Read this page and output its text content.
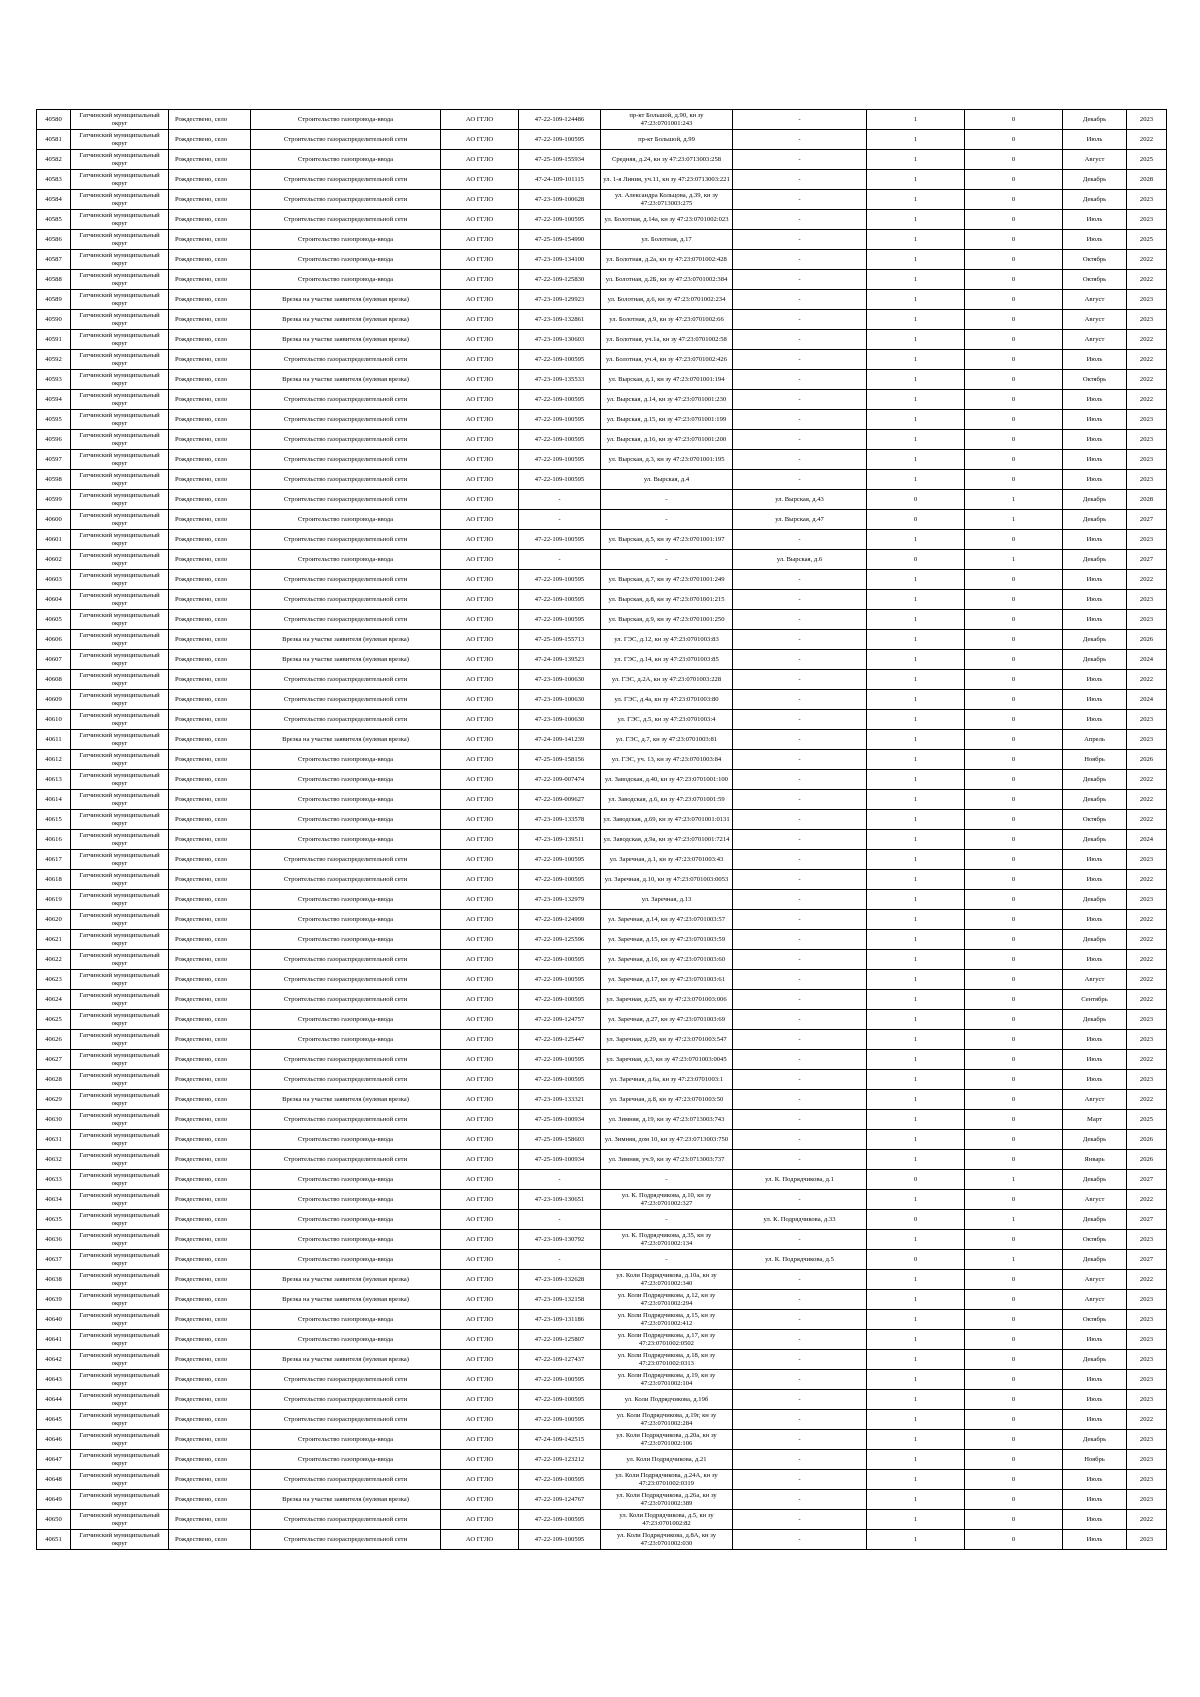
40580	Гатчинский муниципальный округ	Рождествено, село	Строительство газопровода-ввода	АО ГГЛО	47-22-109-124486	пр-кт Большой, д.90, кн зу 47:23:0701001:243	-	1	0	Декабрь	2023
40581	Гатчинский муниципальный округ	Рождествено, село	Строительство газораспределительной сети	АО ГГЛО	47-22-109-100595	пр-кт Большой, д.99	-	1	0	Июль	2022
40582	Гатчинский муниципальный округ	Рождествено, село	Строительство газопровода-ввода	АО ГГЛО	47-25-109-155934	Средняя, д.24, кн зу 47:23:0713003:258	-	1	0	Август	2025
40583	Гатчинский муниципальный округ	Рождествено, село	Строительство газораспределительной сети	АО ГГЛО	47-24-109-101115	ул. 1-я Линия, уч.11, кн зу 47:23:0713003:221	-	1	0	Декабрь	2028
40584	Гатчинский муниципальный округ	Рождествено, село	Строительство газораспределительной сети	АО ГГЛО	47-23-109-100628	ул. Александра Кольцова, д.39, кн зу 47:23:0713003:275	-	1	0	Декабрь	2023
40585	Гатчинский муниципальный округ	Рождествено, село	Строительство газораспределительной сети	АО ГГЛО	47-22-109-100595	ул. Болотная, д.14а, кн зу 47:23:0701002:023	-	1	0	Июль	2023
40586	Гатчинский муниципальный округ	Рождествено, село	Строительство газопровода-ввода	АО ГГЛО	47-25-109-154990	ул. Болотная, д.17	-	1	0	Июль	2025
40587	Гатчинский муниципальный округ	Рождествено, село	Строительство газопровода-ввода	АО ГГЛО	47-23-109-134100	ул. Болотная, д.2а, кн зу 47:23:0701002:428	-	1	0	Октябрь	2022
40588	Гатчинский муниципальный округ	Рождествено, село	Строительство газопровода-ввода	АО ГГЛО	47-22-109-125830	ул. Болотная, д.2Б, кн зу 47:23:0701002:384	-	1	0	Октябрь	2022
40589	Гатчинский муниципальный округ	Рождествено, село	Врезка на участке заявителя (нулевая врезка)	АО ГГЛО	47-23-109-129923	ул. Болотная, д.6, кн зу 47:23:0701002:234	-	1	0	Август	2023
40590	Гатчинский муниципальный округ	Рождествено, село	Врезка на участке заявителя (нулевая врезка)	АО ГГЛО	47-23-109-132861	ул. Болотная, д.9, кн зу 47:23:0701002:66	-	1	0	Август	2023
40591	Гатчинский муниципальный округ	Рождествено, село	Врезка на участке заявителя (нулевая врезка)	АО ГГЛО	47-23-109-130603	ул. Болотная, уч.1а, кн зу 47:23:0701002:58	-	1	0	Август	2022
40592	Гатчинский муниципальный округ	Рождествено, село	Строительство газораспределительной сети	АО ГГЛО	47-22-109-100595	ул. Болотная, уч.4, кн зу 47:23:0701002:426	-	1	0	Июль	2022
40593	Гатчинский муниципальный округ	Рождествено, село	Врезка на участке заявителя (нулевая врезка)	АО ГГЛО	47-23-109-135533	ул. Вырская, д.1, кн зу 47:23:0701001:194	-	1	0	Октябрь	2022
40594	Гатчинский муниципальный округ	Рождествено, село	Строительство газораспределительной сети	АО ГГЛО	47-22-109-100595	ул. Вырская, д.14, кн зу 47:23:0701001:230	-	1	0	Июль	2022
40595	Гатчинский муниципальный округ	Рождествено, село	Строительство газораспределительной сети	АО ГГЛО	47-22-109-100595	ул. Вырская, д.15, кн зу 47:23:0701001:199	-	1	0	Июль	2023
40596	Гатчинский муниципальный округ	Рождествено, село	Строительство газораспределительной сети	АО ГГЛО	47-22-109-100595	ул. Вырская, д.16, кн зу 47:23:0701001:200	-	1	0	Июль	2023
40597	Гатчинский муниципальный округ	Рождествено, село	Строительство газораспределительной сети	АО ГГЛО	47-22-109-100595	ул. Вырская, д.3, кн зу 47:23:0701001:195	-	1	0	Июль	2023
40598	Гатчинский муниципальный округ	Рождествено, село	Строительство газораспределительной сети	АО ГГЛО	47-22-109-100595	ул. Вырская, д.4	-	1	0	Июль	2023
40599	Гатчинский муниципальный округ	Рождествено, село	Строительство газораспределительной сети	АО ГГЛО	-	-	ул. Вырская, д.43	0	1	Декабрь	2028
40600	Гатчинский муниципальный округ	Рождествено, село	Строительство газопровода-ввода	АО ГГЛО	-	-	ул. Вырская, д.47	0	1	Декабрь	2027
40601	Гатчинский муниципальный округ	Рождествено, село	Строительство газораспределительной сети	АО ГГЛО	47-22-109-100595	ул. Вырская, д.5, кн зу 47:23:0701001:197	-	1	0	Июль	2023
40602	Гатчинский муниципальный округ	Рождествено, село	Строительство газопровода-ввода	АО ГГЛО	-	-	ул. Вырская, д.6	0	1	Декабрь	2027
40603	Гатчинский муниципальный округ	Рождествено, село	Строительство газораспределительной сети	АО ГГЛО	47-22-109-100595	ул. Вырская, д.7, кн зу 47:23:0701001:249	-	1	0	Июль	2022
40604	Гатчинский муниципальный округ	Рождествено, село	Строительство газораспределительной сети	АО ГГЛО	47-22-109-100595	ул. Вырская, д.8, кн зу 47:23:0701001:215	-	1	0	Июль	2023
40605	Гатчинский муниципальный округ	Рождествено, село	Строительство газораспределительной сети	АО ГГЛО	47-22-109-100595	ул. Вырская, д.9, кн зу 47:23:0701001:250	-	1	0	Июль	2023
40606	Гатчинский муниципальный округ	Рождествено, село	Врезка на участке заявителя (нулевая врезка)	АО ГГЛО	47-25-109-155713	ул. ГЭС, д.12, кн зу 47:23:0701003:83	-	1	0	Декабрь	2026
40607	Гатчинский муниципальный округ	Рождествено, село	Врезка на участке заявителя (нулевая врезка)	АО ГГЛО	47-24-109-139523	ул. ГЭС, д.14, кн зу 47:23:0701003:85	-	1	0	Декабрь	2024
40608	Гатчинский муниципальный округ	Рождествено, село	Строительство газораспределительной сети	АО ГГЛО	47-23-109-100630	ул. ГЭС, д.2А, кн зу 47:23:0701003:228	-	1	0	Июль	2022
40609	Гатчинский муниципальный округ	Рождествено, село	Строительство газораспределительной сети	АО ГГЛО	47-23-109-100630	ул. ГЭС, д.4а, кн зу 47:23:0701003:80	-	1	0	Июль	2024
40610	Гатчинский муниципальный округ	Рождествено, село	Строительство газораспределительной сети	АО ГГЛО	47-23-109-100630	ул. ГЭС, д.5, кн зу 47:23:0701003:4	-	1	0	Июль	2023
40611	Гатчинский муниципальный округ	Рождествено, село	Врезка на участке заявителя (нулевая врезка)	АО ГГЛО	47-24-109-141239	ул. ГЭС, д.7, кн зу 47:23:0701003:81	-	1	0	Апрель	2023
40612	Гатчинский муниципальный округ	Рождествено, село	Строительство газопровода-ввода	АО ГГЛО	47-25-109-158156	ул. ГЭС, уч. 13, кн зу 47:23:0701003:84	-	1	0	Ноябрь	2026
40613	Гатчинский муниципальный округ	Рождествено, село	Строительство газопровода-ввода	АО ГГЛО	47-22-109-007474	ул. Заводская, д.40, кн зу 47:23:0701001:100	-	1	0	Декабрь	2022
40614	Гатчинский муниципальный округ	Рождествено, село	Строительство газопровода-ввода	АО ГГЛО	47-22-109-009627	ул. Заводская, д.6, кн зу 47:23:0701001:59	-	1	0	Декабрь	2022
40615	Гатчинский муниципальный округ	Рождествено, село	Строительство газопровода-ввода	АО ГГЛО	47-23-109-133578	ул. Заводская, д.69, кн зу 47:23:0701001:0131	-	1	0	Октябрь	2022
40616	Гатчинский муниципальный округ	Рождествено, село	Строительство газопровода-ввода	АО ГГЛО	47-23-109-139511	ул. Заводская, д.9а, кн зу 47:23:0701001:7214	-	1	0	Декабрь	2024
40617	Гатчинский муниципальный округ	Рождествено, село	Строительство газораспределительной сети	АО ГГЛО	47-22-109-100595	ул. Заречная, д.1, кн зу 47:23:0701003:43	-	1	0	Июль	2023
40618	Гатчинский муниципальный округ	Рождествено, село	Строительство газораспределительной сети	АО ГГЛО	47-22-109-100595	ул. Заречная, д.10, кн зу 47:23:0701003:0053	-	1	0	Июль	2022
40619	Гатчинский муниципальный округ	Рождествено, село	Строительство газопровода-ввода	АО ГГЛО	47-23-109-132979	ул. Заречная, д.13	-	1	0	Декабрь	2023
40620	Гатчинский муниципальный округ	Рождествено, село	Строительство газопровода-ввода	АО ГГЛО	47-22-109-124999	ул. Заречная, д.14, кн зу 47:23:0701003:57	-	1	0	Июль	2022
40621	Гатчинский муниципальный округ	Рождествено, село	Строительство газопровода-ввода	АО ГГЛО	47-22-109-125596	ул. Заречная, д.15, кн зу 47:23:0701003:59	-	1	0	Декабрь	2022
40622	Гатчинский муниципальный округ	Рождествено, село	Строительство газораспределительной сети	АО ГГЛО	47-22-109-100595	ул. Заречная, д.16, кн зу 47:23:0701003:60	-	1	0	Июль	2022
40623	Гатчинский муниципальный округ	Рождествено, село	Строительство газораспределительной сети	АО ГГЛО	47-22-109-100595	ул. Заречная, д.17, кн зу 47:23:0701003:61	-	1	0	Август	2022
40624	Гатчинский муниципальный округ	Рождествено, село	Строительство газораспределительной сети	АО ГГЛО	47-22-109-100595	ул. Заречная, д.25, кн зу 47:23:0701003:006	-	1	0	Сентябрь	2022
40625	Гатчинский муниципальный округ	Рождествено, село	Строительство газопровода-ввода	АО ГГЛО	47-22-109-124757	ул. Заречная, д.27, кн зу 47:23:0701003:69	-	1	0	Декабрь	2023
40626	Гатчинский муниципальный округ	Рождествено, село	Строительство газопровода-ввода	АО ГГЛО	47-22-109-125447	ул. Заречная, д.29, кн зу 47:23:0701003:547	-	1	0	Июль	2023
40627	Гатчинский муниципальный округ	Рождествено, село	Строительство газораспределительной сети	АО ГГЛО	47-22-109-100595	ул. Заречная, д.3, кн зу 47:23:0701003:0045	-	1	0	Июль	2022
40628	Гатчинский муниципальный округ	Рождествено, село	Строительство газораспределительной сети	АО ГГЛО	47-22-109-100595	ул. Заречная, д.6а, кн зу 47:23:0701003:1	-	1	0	Июль	2023
40629	Гатчинский муниципальный округ	Рождествено, село	Врезка на участке заявителя (нулевая врезка)	АО ГГЛО	47-23-109-133321	ул. Заречная, д.8, кн зу 47:23:0701003:50	-	1	0	Август	2022
40630	Гатчинский муниципальный округ	Рождествено, село	Строительство газораспределительной сети	АО ГГЛО	47-25-109-100934	ул. Зимняя, д.19, кн зу 47:23:0713003:743	-	1	0	Март	2025
40631	Гатчинский муниципальный округ	Рождествено, село	Строительство газопровода-ввода	АО ГГЛО	47-25-109-158603	ул. Зимняя, дом 10, кн зу 47:23:0713003:750	-	1	0	Декабрь	2026
40632	Гатчинский муниципальный округ	Рождествено, село	Строительство газораспределительной сети	АО ГГЛО	47-25-109-100934	ул. Зимняя, уч.9, кн зу 47:23:0713003:737	-	1	0	Январь	2026
40633	Гатчинский муниципальный округ	Рождествено, село	Строительство газопровода-ввода	АО ГГЛО	-	-	ул. К. Подрядчикова, д.1	0	1	Декабрь	2027
40634	Гатчинский муниципальный округ	Рождествено, село	Строительство газопровода-ввода	АО ГГЛО	47-23-109-130651	ул. К. Подрядчикова, д.10, кн зу 47:23:0701002:327	-	1	0	Август	2022
40635	Гатчинский муниципальный округ	Рождествено, село	Строительство газопровода-ввода	АО ГГЛО	-	-	ул. К. Подрядчикова, д.33	0	1	Декабрь	2027
40636	Гатчинский муниципальный округ	Рождествено, село	Строительство газопровода-ввода	АО ГГЛО	47-23-109-130792	ул. К. Подрядчикова, д.35, кн зу 47:23:0701002:134	-	1	0	Октябрь	2023
40637	Гатчинский муниципальный округ	Рождествено, село	Строительство газопровода-ввода	АО ГГЛО	-	-	ул. К. Подрядчикова, д.5	0	1	Декабрь	2027
40638	Гатчинский муниципальный округ	Рождествено, село	Врезка на участке заявителя (нулевая врезка)	АО ГГЛО	47-23-109-132628	ул. Коли Подрядчикова, д.10а, кн зу 47:23:0701002:340	-	1	0	Август	2022
40639	Гатчинский муниципальный округ	Рождествено, село	Врезка на участке заявителя (нулевая врезка)	АО ГГЛО	47-23-109-132158	ул. Коли Подрядчикова, д.12, кн зу 47:23:0701002:294	-	1	0	Август	2023
40640	Гатчинский муниципальный округ	Рождествено, село	Строительство газопровода-ввода	АО ГГЛО	47-23-109-131186	ул. Коли Подрядчикова, д.15, кн зу 47:23:0701002:412	-	1	0	Октябрь	2023
40641	Гатчинский муниципальный округ	Рождествено, село	Строительство газопровода-ввода	АО ГГЛО	47-22-109-125807	ул. Коли Подрядчикова, д.17, кн зу 47:23:0701002:0502	-	1	0	Июль	2023
40642	Гатчинский муниципальный округ	Рождествено, село	Врезка на участке заявителя (нулевая врезка)	АО ГГЛО	47-22-109-127437	ул. Коли Подрядчикова, д.18, кн зу 47:23:0701002:0313	-	1	0	Декабрь	2023
40643	Гатчинский муниципальный округ	Рождествено, село	Строительство газораспределительной сети	АО ГГЛО	47-22-109-100595	ул. Коли Подрядчикова, д.19, кн зу 47:23:0701002:104	-	1	0	Июль	2023
40644	Гатчинский муниципальный округ	Рождествено, село	Строительство газораспределительной сети	АО ГГЛО	47-22-109-100595	ул. Коли Подрядчикова, д.19б	-	1	0	Июль	2023
40645	Гатчинский муниципальный округ	Рождествено, село	Строительство газораспределительной сети	АО ГГЛО	47-22-109-100595	ул. Коли Подрядчикова, д.19г, кн зу 47:23:0701002:284	-	1	0	Июль	2022
40646	Гатчинский муниципальный округ	Рождествено, село	Строительство газопровода-ввода	АО ГГЛО	47-24-109-142515	ул. Коли Подрядчикова, д.20а, кн зу 47:23:0701002:106	-	1	0	Декабрь	2023
40647	Гатчинский муниципальный округ	Рождествено, село	Строительство газопровода-ввода	АО ГГЛО	47-22-109-123212	ул. Коли Подрядчикова, д.21	-	1	0	Ноябрь	2023
40648	Гатчинский муниципальный округ	Рождествено, село	Строительство газораспределительной сети	АО ГГЛО	47-22-109-100595	ул. Коли Подрядчикова, д.24А, кн зу 47:23:0701002:0319	-	1	0	Июль	2023
40649	Гатчинский муниципальный округ	Рождествено, село	Врезка на участке заявителя (нулевая врезка)	АО ГГЛО	47-22-109-124767	ул. Коли Подрядчикова, д.26а, кн зу 47:23:0701002:389	-	1	0	Июль	2023
40650	Гатчинский муниципальный округ	Рождествено, село	Строительство газораспределительной сети	АО ГГЛО	47-22-109-100595	ул. Коли Подрядчикова, д.5, кн зу 47:23:0701002:82	-	1	0	Июль	2022
40651	Гатчинский муниципальный округ	Рождествено, село	Строительство газораспределительной сети	АО ГГЛО	47-22-109-100595	ул. Коли Подрядчикова, д.8А, кн зу 47:23:0701002:030	-	1	0	Июль	2023
